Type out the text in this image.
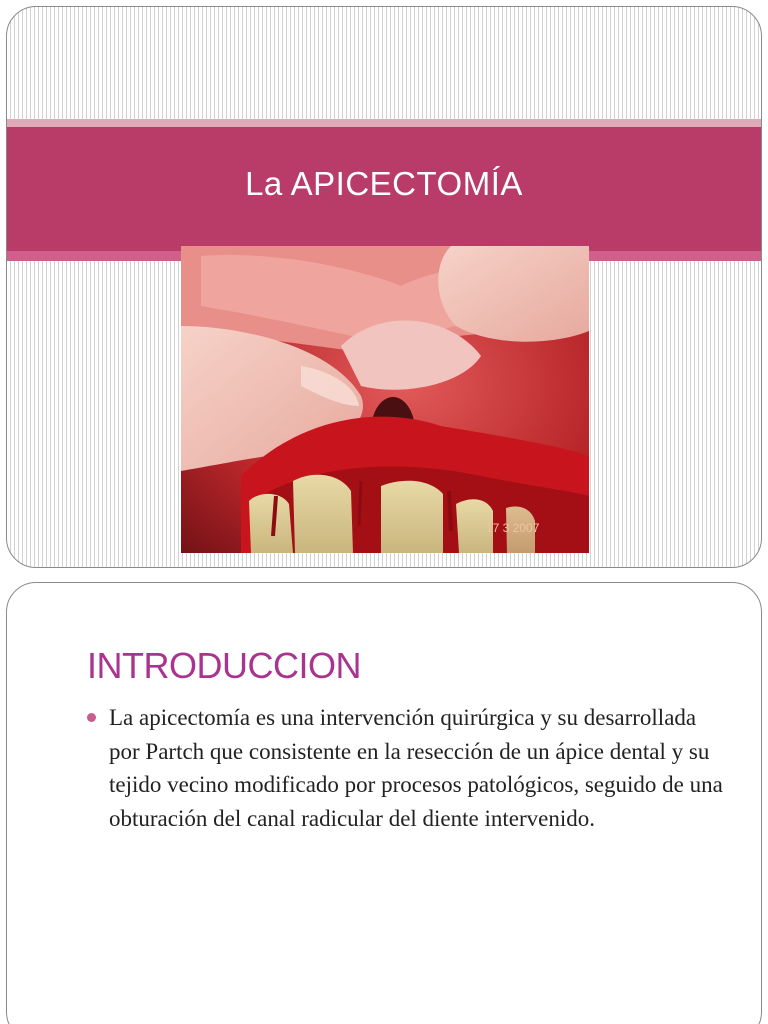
La APICECTOMÍA
17 3 2007
INTRODUCCION
La apicectomía es una intervención quirúrgica y su desarrollada por Partch que consistente en la resección de un ápice dental y su tejido vecino modificado por procesos patológicos, seguido de una obturación del canal radicular del diente intervenido.
